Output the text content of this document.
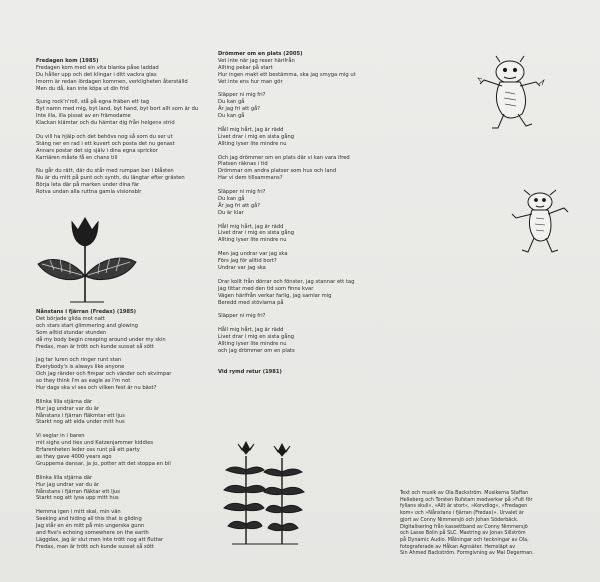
Fredagen kom (1985)
Fredagen kom med sin vita blanka påse laddad
Du håller upp och det klingar i ditt vackra glas
Imorrn är redan lördagen kommen, verkligheten återställd
Men du då, kan inte köpa ut din frid
Sjung rock'n'roll, stå på egna fräben ett tag
Byt namn med mig, byt land, byt hand, byt bort allt som är du
Inte illa, illa pissat av en främodame
Klackan klämtar och du hämtar dig från helgens strid
Du vill ha hjälp och det behövs nog så som du ser ut
Stäng ner en rad i ett kuvert och posta det nu genast
Annars postar det sig själv i dina egna sprickor
Karriären måste få en chans till
Nu går du rätt, där du står med rumpan bar i blåsten
Nu är du mitt på punt och synth, du längtar efter grästen
Börja leta där på marken under dina fär
Rotva undan alla ruttna gamla visionsblr
Nånstans i fjärran (Fredax) (1985)
Det började glida mot natt
och stars start glimmering and glowing
Som alltid stundar stunden
då my body begin creeping around under my skin
Fredax, man är trött och kunde sussat så sött
Jag tar luren och ringer runt stan
Everybody's is always like anyone
Och jag ränder och fimpar och vänder och skvimpar
so they think I'm as eagle as I'm not
Hur dags ska vi ses och vilken fest är nu bäst?
Blinka lilla stjärna där
Hur jag undrar var du är
Nånstans i fjärran fläkmtar ett ljus
Starkt nog att elda under mitt hus
Vi seglar in i baren
mit sighs und ties und Katzenjammer kiddies
Erfarenheten leder oss runt på ett party
as they gave 4000 years ago
Grupperna dansar, ja jo, potter att det stoppa en bil
Blinka lilla stjärna där
Hur jag undrar var du är
Nånstans i fjärran fläktar ett ljus
Starkt nog att lysa upp mitt hus
Hemma igen i mitt skal, min vän
Seeking and hiding all this that is gliding
Jag står en en mitt på min ungerska gunn
and five's echoing somewhere on the earth
Läggdax, jag är slut men inte trött nog att fluttar
Fredax, man är trött och kunde sussat så sött
Drömmer om en plats (2005)
Vet inte när jag reser härifrån
Allting pekar på start
Hur ingen makt ett bestämma, ska jag smyga mig ut
Vet inte ens hur man gör
Släpper ni mig fri?
Du kan gå
Är jag fri att gå?
Du kan gå
Håll mig hårt, jag är rädd
Livet drar i mig en sista gång
Allting lyser lite mindre nu
Och jag drömmer om en plats där vi kan vara ifred
Platsen räknas i tid
Drömmar om andra platser som hus och land
Har vi dem tillsammans?
Släpper ni mig fri?
Du kan gå
Är jag fri att gå?
Du är klar
Håll mig hårt, jag är rädd
Livet drar i mig en sista gång
Allting lyser lite mindre nu
Men jag undrar var jag ska
Förs jag för alltid bort?
Undrar var jag ska
Drar kollt från dörrar och fönster, jag stannar ett tag
Jag tittar med den tid som finns kvar
Vägen härifrån verkar farlig, jag samlar mig
Beredd med stövlarna på
Släpper ni mig fri?
Håll mig hårt, jag är rädd
Livet drar i mig en sista gång
Allting lyser lite mindre nu
och jag drömmer om en plats
Vid rymd retur (1981)
Text och musik av Ola Backström. Musikerna Staffan
Helleberg och Torsten Rufstam medverkar på »Fult för
fyllans skull«, »Allt är stort«, »Korvdiog«, »Fredagen
kom« och »Nånstans i fjärran (Fredax)«. Urvalet är
gjort av Conny Nimmersjö och Johan Söderbäck.
Digitalisering från kassettband av Conny Nimmersjö
och Lasse Bolin på SLC. Mastring av Jonas Sillström
på Dynamic Audio. Målningar och teckningar av Ola,
fotograferade av Håkan Agnsäter. Hemsläpt av
Sin Ahmed Backström. Formgivning av Mai Degerman.
